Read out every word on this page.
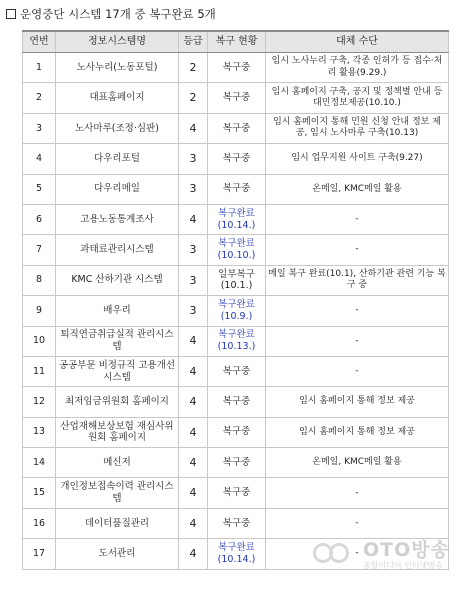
운영중단 시스템 17개 중 복구완료 5개
연번	정보시스템명	등급	복구 현황	대체 수단
1	노사누리(노동포털)	2	복구중	임시 노사누리 구축, 각종 인허가 등 접수·처리 활용(9.29.)
2	대표홈페이지	2	복구중	임시 홈페이지 구축, 공지 및 정책별 안내 등대민정보제공(10.10.)
3	노사마루(조정·심판)	4	복구중	임시 홈페이지 통해 민원 신청 안내 정보 제공, 임시 노사마루 구축(10.13)
4	다우리포털	3	복구중	임시 업무지원 사이트 구축(9.27)
5	다우리메일	3	복구중	온메일, KMC메일 활용
6	고용노동통계조사	4	복구완료 (10.14.)	-
7	과태료관리시스템	3	복구완료 (10.10.)	-
8	KMC 산하기관 시스템	3	일부복구 (10.1.)	메일 복구 완료(10.1), 산하기관 관련 기능 복구 중
9	배우리	3	복구완료 (10.9.)	-
10	퇴직연금취급실적 관리시스템	4	복구완료 (10.13.)	-
11	공공부문 비정규직 고용개선 시스템	4	복구중	-
12	최저임금위원회 홈페이지	4	복구중	임시 홈페이지 통해 정보 제공
13	산업재해보상보험 재심사위원회 홈페이지	4	복구중	임시 홈페이지 통해 정보 제공
14	메신저	4	복구중	온메일, KMC메일 활용
15	개인정보접속이력 관리시스템	4	복구중	-
16	데이터품질관리	4	복구중	-
17	도서관리	4	복구완료 (10.14.)	- OTO방송
종합미디어 인터넷방송
